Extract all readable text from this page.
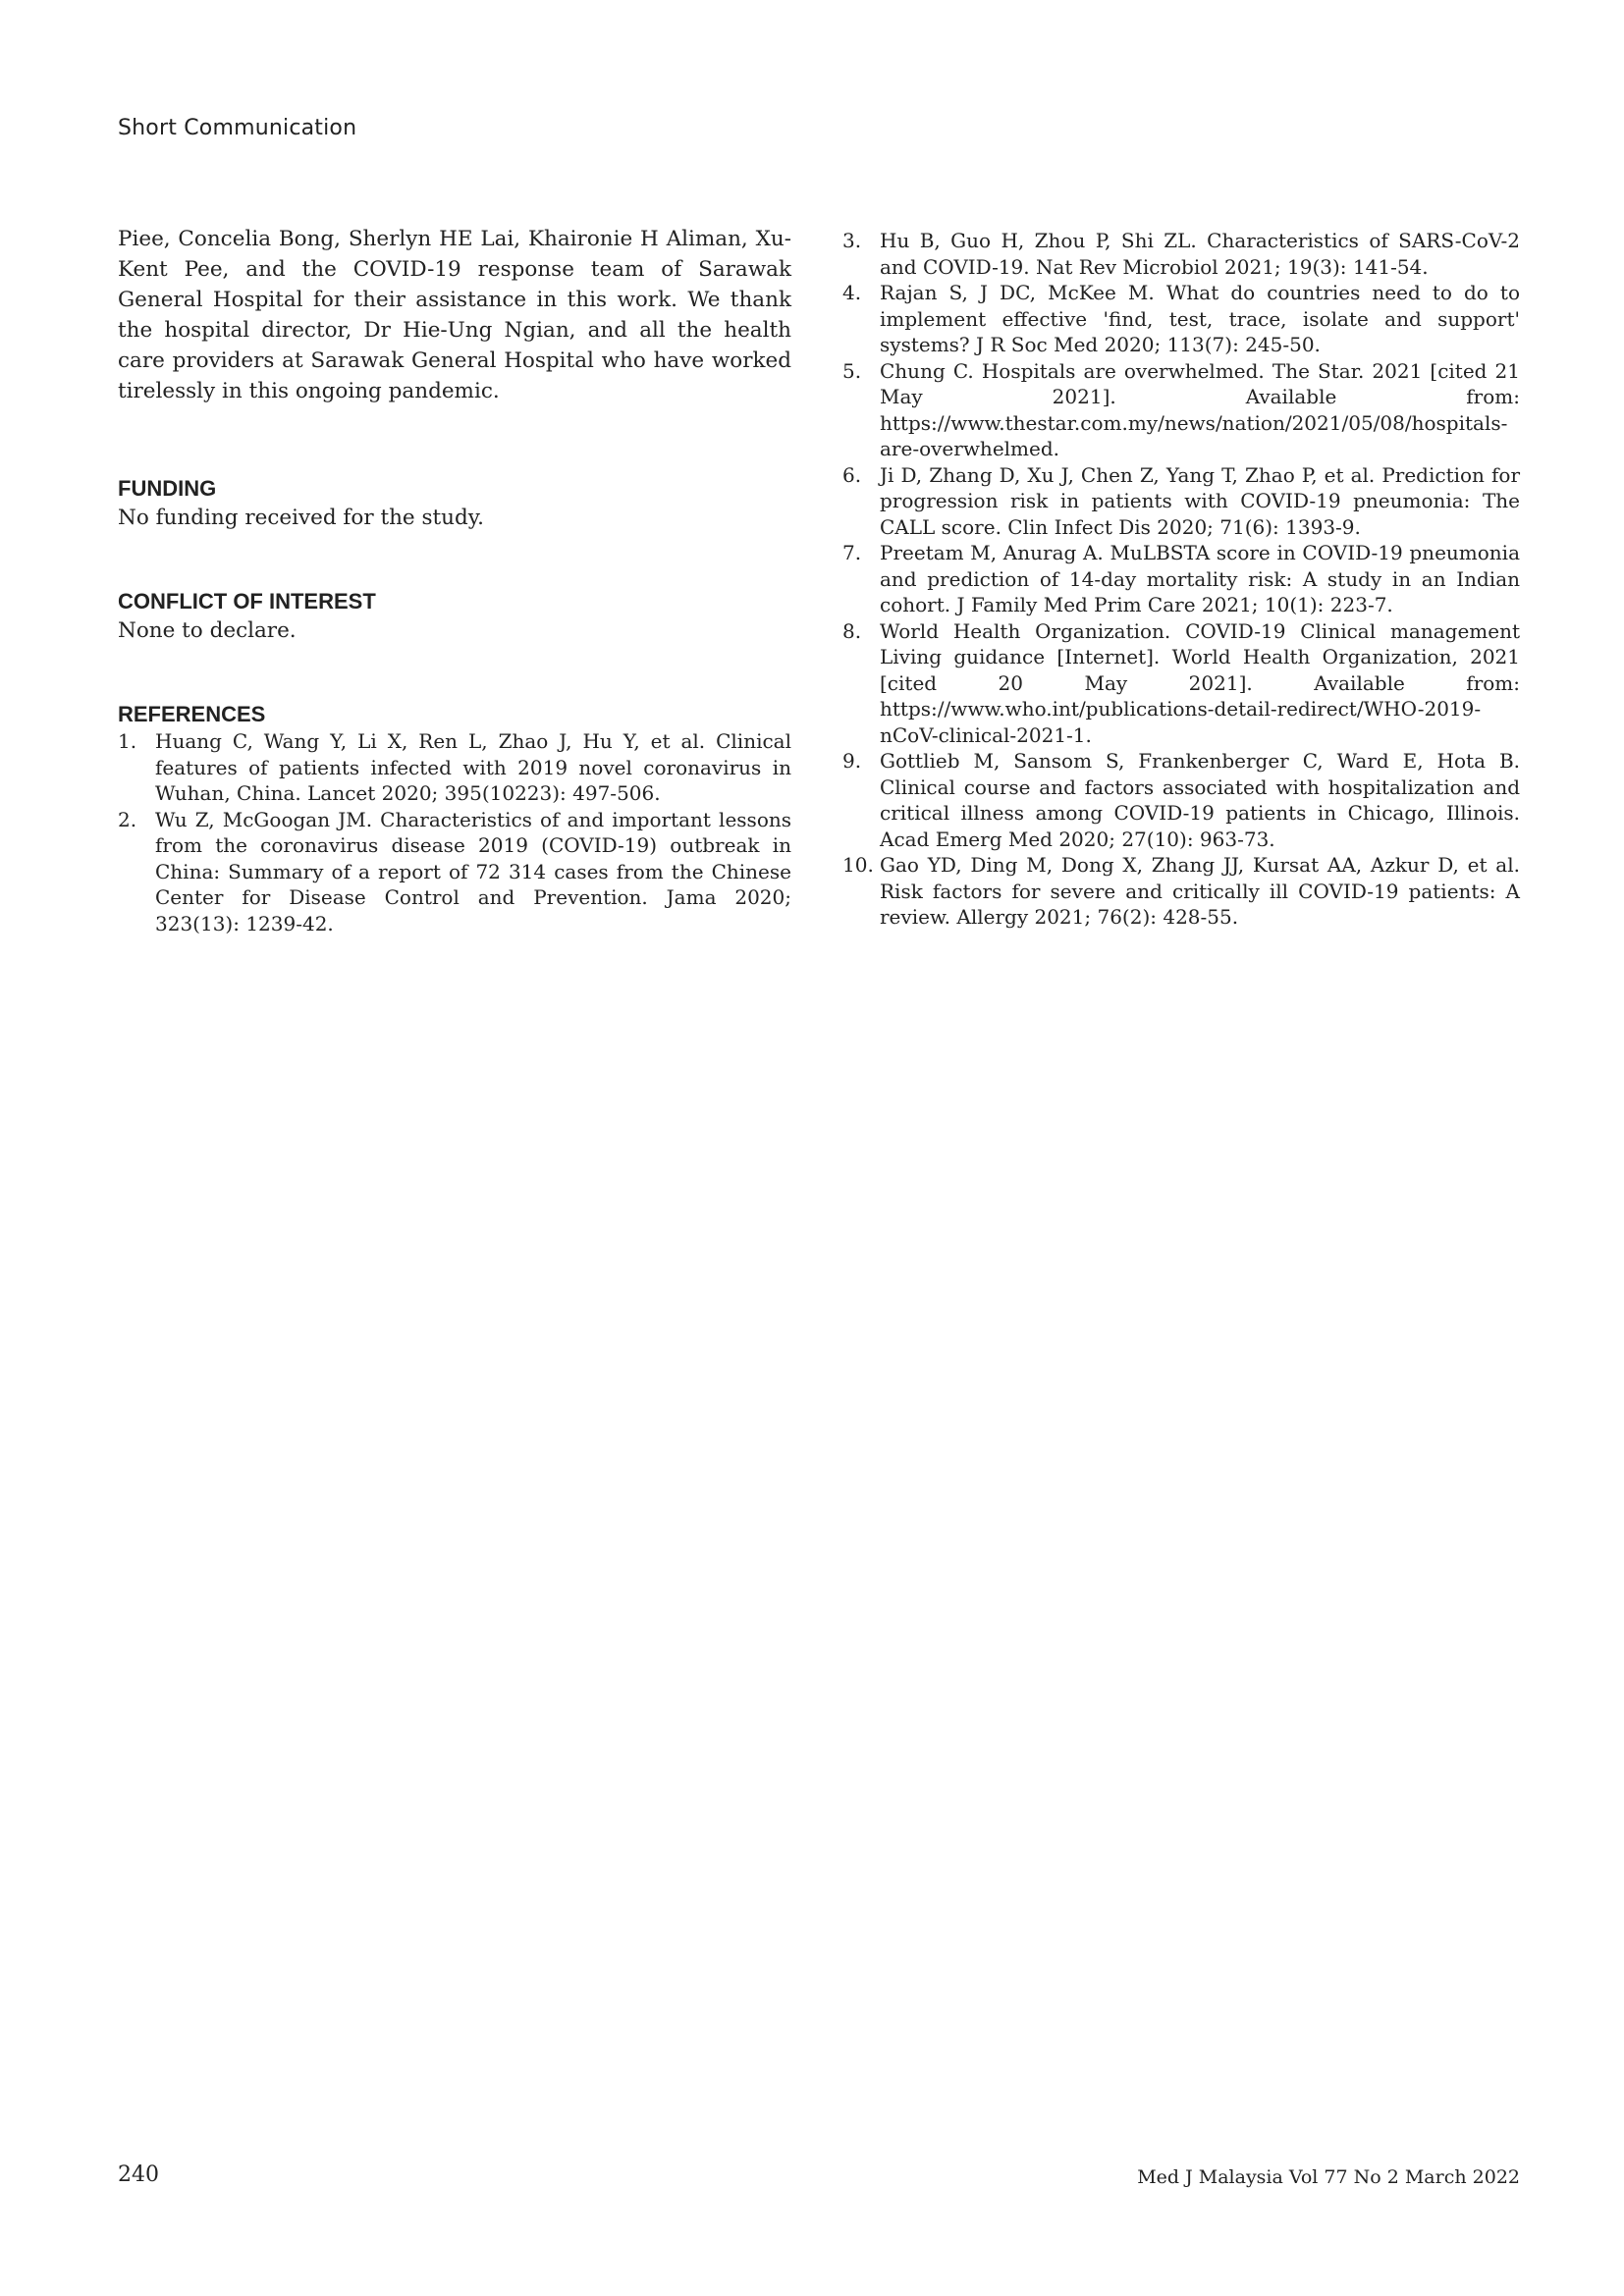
Short Communication

Piee, Concelia Bong, Sherlyn HE Lai, Khaironie H Aliman, Xu-Kent Pee, and the COVID-19 response team of Sarawak General Hospital for their assistance in this work. We thank the hospital director, Dr Hie-Ung Ngian, and all the health care providers at Sarawak General Hospital who have worked tirelessly in this ongoing pandemic.

FUNDING

No funding received for the study.

CONFLICT OF INTEREST

None to declare.

REFERENCES
1. Huang C, Wang Y, Li X, Ren L, Zhao J, Hu Y, et al. Clinical features of patients infected with 2019 novel coronavirus in Wuhan, China. Lancet 2020; 395(10223): 497-506.
2. Wu Z, McGoogan JM. Characteristics of and important lessons from the coronavirus disease 2019 (COVID-19) outbreak in China: Summary of a report of 72 314 cases from the Chinese Center for Disease Control and Prevention. Jama 2020; 323(13): 1239-42.
3. Hu B, Guo H, Zhou P, Shi ZL. Characteristics of SARS-CoV-2 and COVID-19. Nat Rev Microbiol 2021; 19(3): 141-54.
4. Rajan S, J DC, McKee M. What do countries need to do to implement effective 'find, test, trace, isolate and support' systems? J R Soc Med 2020; 113(7): 245-50.
5. Chung C. Hospitals are overwhelmed. The Star. 2021 [cited 21 May 2021]. Available from: https://www.thestar.com.my/news/nation/2021/05/08/hospitals-are-overwhelmed.
6. Ji D, Zhang D, Xu J, Chen Z, Yang T, Zhao P, et al. Prediction for progression risk in patients with COVID-19 pneumonia: The CALL score. Clin Infect Dis 2020; 71(6): 1393-9.
7. Preetam M, Anurag A. MuLBSTA score in COVID-19 pneumonia and prediction of 14-day mortality risk: A study in an Indian cohort. J Family Med Prim Care 2021; 10(1): 223-7.
8. World Health Organization. COVID-19 Clinical management Living guidance [Internet]. World Health Organization, 2021 [cited 20 May 2021]. Available from: https://www.who.int/publications-detail-redirect/WHO-2019-nCoV-clinical-2021-1.
9. Gottlieb M, Sansom S, Frankenberger C, Ward E, Hota B. Clinical course and factors associated with hospitalization and critical illness among COVID-19 patients in Chicago, Illinois. Acad Emerg Med 2020; 27(10): 963-73.
10. Gao YD, Ding M, Dong X, Zhang JJ, Kursat AA, Azkur D, et al. Risk factors for severe and critically ill COVID-19 patients: A review. Allergy 2021; 76(2): 428-55.
240	Med J Malaysia Vol 77 No 2 March 2022
